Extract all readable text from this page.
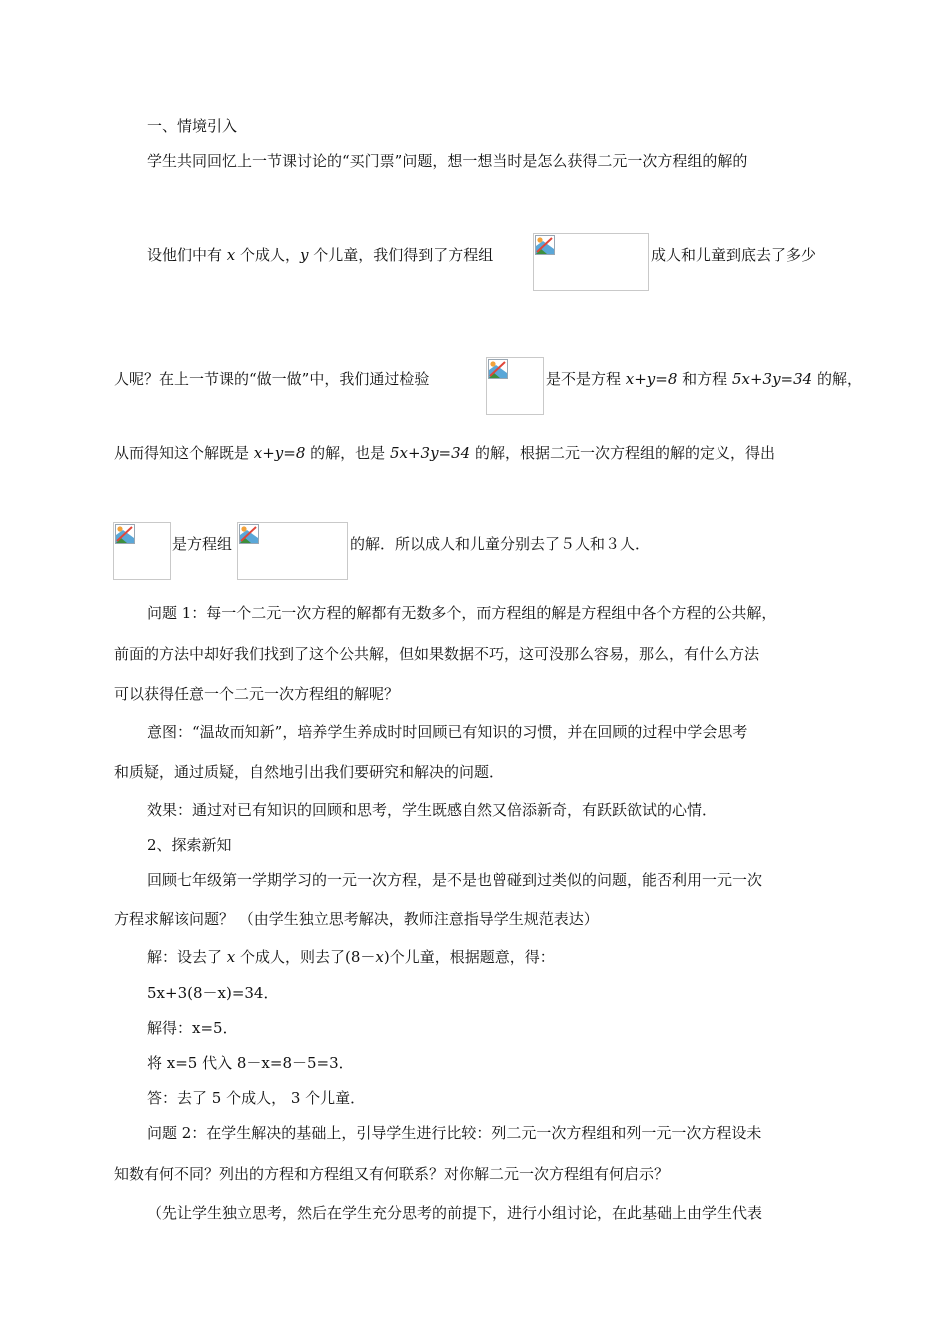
一、情境引入
学生共同回忆上一节课讨论的“买门票”问题，想一想当时是怎么获得二元一次方程组的解的
设他们中有 x 个成人，y 个儿童，我们得到了方程组	成人和儿童到底去了多少
人呢？在上一节课的“做一做”中，我们通过检验	是不是方程 x+y=8 和方程 5x+3y=34 的解，
从而得知这个解既是 x+y=8 的解，也是 5x+3y=34 的解，根据二元一次方程组的解的定义，得出
是方程组	的解．所以成人和儿童分别去了５人和３人．
问题 1：每一个二元一次方程的解都有无数多个，而方程组的解是方程组中各个方程的公共解，
前面的方法中却好我们找到了这个公共解，但如果数据不巧，这可没那么容易，那么，有什么方法
可以获得任意一个二元一次方程组的解呢？
意图：“温故而知新”，培养学生养成时时回顾已有知识的习惯，并在回顾的过程中学会思考
和质疑，通过质疑，自然地引出我们要研究和解决的问题．
效果：通过对已有知识的回顾和思考，学生既感自然又倍添新奇，有跃跃欲试的心情．
2、探索新知
回顾七年级第一学期学习的一元一次方程，是不是也曾碰到过类似的问题，能否利用一元一次
方程求解该问题？ （由学生独立思考解决，教师注意指导学生规范表达）
解：设去了 x 个成人，则去了(8－x)个儿童，根据题意，得：
5x+3(8－x)=34．
解得：x=5．
将 x=5 代入 8－x=8－5=3．
答：去了 5 个成人， 3 个儿童．
问题 2：在学生解决的基础上，引导学生进行比较：列二元一次方程组和列一元一次方程设未
知数有何不同？列出的方程和方程组又有何联系？对你解二元一次方程组有何启示？
（先让学生独立思考，然后在学生充分思考的前提下，进行小组讨论，在此基础上由学生代表
